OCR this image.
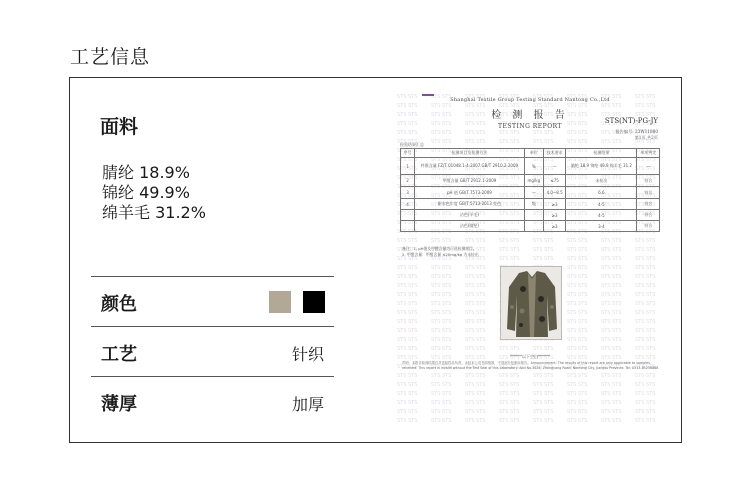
工艺信息
面料
腈纶 18.9%
锦纶 49.9%
绵羊毛 31.2%
颜色
工艺	针织
薄厚	加厚
Shanghai Textile Group Testing Standard Nantong Co.,Ltd
检 测 报 告
TESTING REPORT
STS(NT)-PG-JY
报告编号: 23W11880
第1页,共2页
检验结果汇总
序号	检测项目及检测方法	单位	技术要求	检测结果	单项判定
1	纤维含量 FZ/T 01048.1-4-2007 GB/T 2910.2-2009	%	—	腈纶 18.9 锦纶 49.9 绵羊毛 31.2	—
2	甲醛含量 GB/T 2912.1-2009	mg/kg	≤75	未检出	符合
3	pH 值 GB/T 7573-2009	—	4.0~8.5	6.6	符合
4	耐水色牢度 GB/T 5713-2013 变色	级	≥3	4-5	符合
	沾色(羊毛)		≥3	4-5	符合
	沾色(腈纶)		≥3	3-4	符合
备注：1. pH值及甲醛含量为可选检测项目。
2. 甲醛含量：甲醛含量 ≤20mg/kg 为未检出
******以下空白******
声明：本报告检测结果仅对送检样品负责。未经本公司书面批准，不得部分复制本报告。Announcement: The results of this report are only applicable to samples received. This report is invalid without the Test Seal of this Laboratory. Add No.3026, Zhongyang Road, Nantong City, Jiangsu Province. Tel: 0513-85238888
